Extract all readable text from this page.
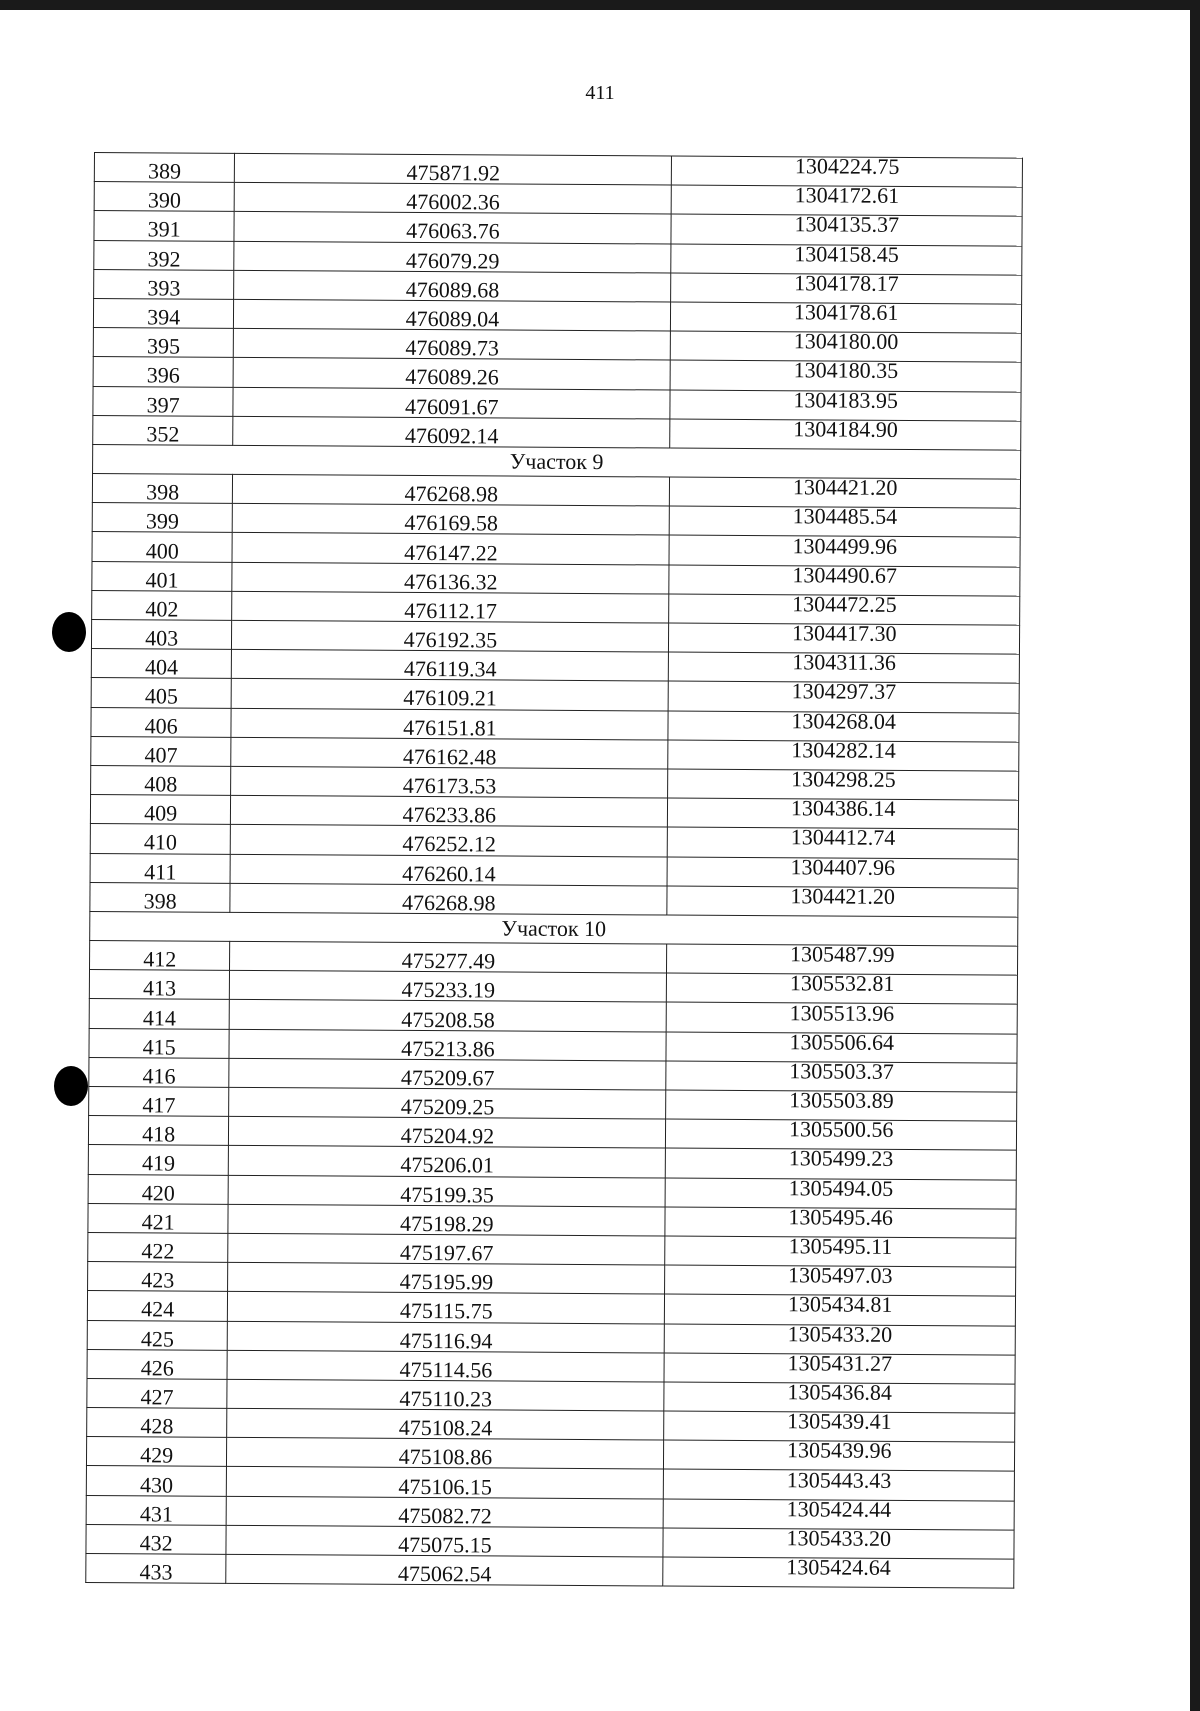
411
389	475871.92	1304224.75
390	476002.36	1304172.61
391	476063.76	1304135.37
392	476079.29	1304158.45
393	476089.68	1304178.17
394	476089.04	1304178.61
395	476089.73	1304180.00
396	476089.26	1304180.35
397	476091.67	1304183.95
352	476092.14	1304184.90
Участок 9		
398	476268.98	1304421.20
399	476169.58	1304485.54
400	476147.22	1304499.96
401	476136.32	1304490.67
402	476112.17	1304472.25
403	476192.35	1304417.30
404	476119.34	1304311.36
405	476109.21	1304297.37
406	476151.81	1304268.04
407	476162.48	1304282.14
408	476173.53	1304298.25
409	476233.86	1304386.14
410	476252.12	1304412.74
411	476260.14	1304407.96
398	476268.98	1304421.20
Участок 10		
412	475277.49	1305487.99
413	475233.19	1305532.81
414	475208.58	1305513.96
415	475213.86	1305506.64
416	475209.67	1305503.37
417	475209.25	1305503.89
418	475204.92	1305500.56
419	475206.01	1305499.23
420	475199.35	1305494.05
421	475198.29	1305495.46
422	475197.67	1305495.11
423	475195.99	1305497.03
424	475115.75	1305434.81
425	475116.94	1305433.20
426	475114.56	1305431.27
427	475110.23	1305436.84
428	475108.24	1305439.41
429	475108.86	1305439.96
430	475106.15	1305443.43
431	475082.72	1305424.44
432	475075.15	1305433.20
433	475062.54	1305424.64
